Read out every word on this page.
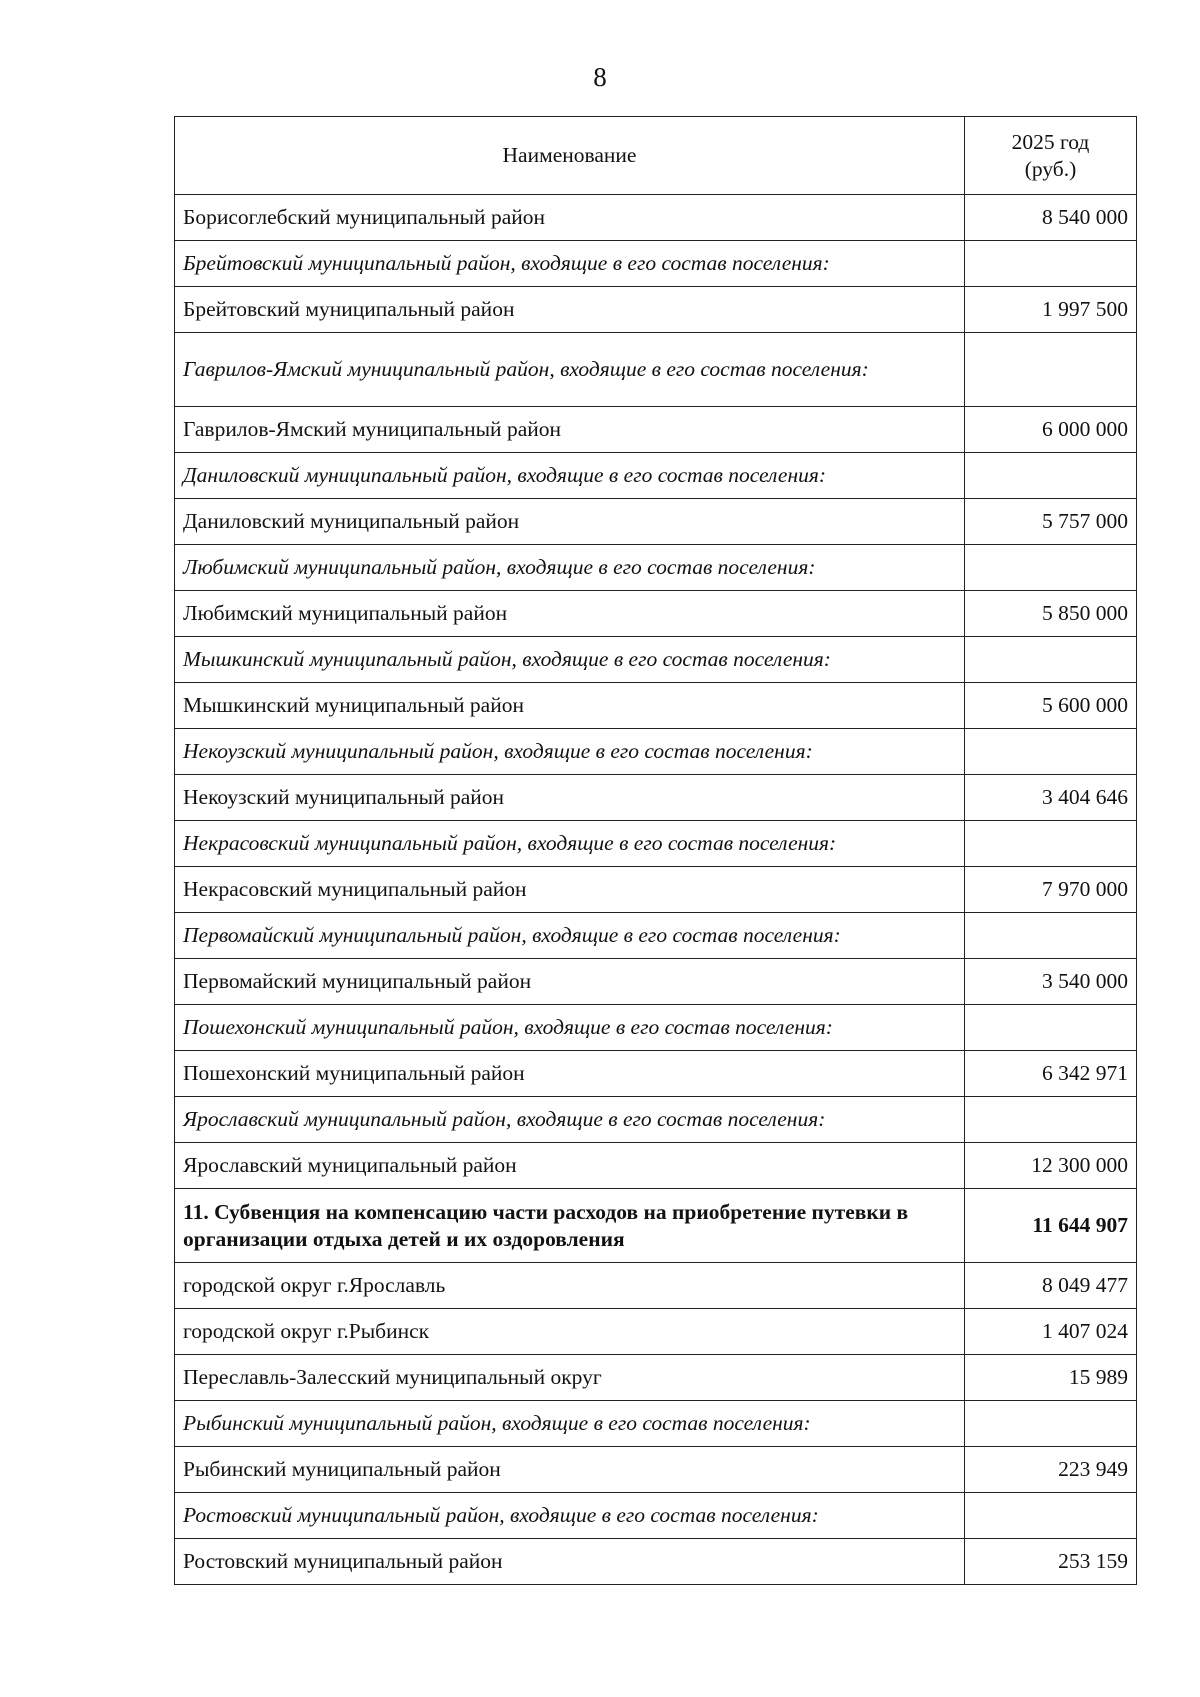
8
Наименование	2025 год
(руб.)

Борисоглебский муниципальный район	8 540 000
Брейтовский муниципальный район, входящие в его состав поселения:	
Брейтовский муниципальный район	1 997 500
Гаврилов-Ямский муниципальный район, входящие в его состав поселения:	
Гаврилов-Ямский муниципальный район	6 000 000
Даниловский муниципальный район, входящие в его состав поселения:	
Даниловский муниципальный район	5 757 000
Любимский муниципальный район, входящие в его состав поселения:	
Любимский муниципальный район	5 850 000
Мышкинский муниципальный район, входящие в его состав поселения:	
Мышкинский муниципальный район	5 600 000
Некоузский муниципальный район, входящие в его состав поселения:	
Некоузский муниципальный район	3 404 646
Некрасовский муниципальный район, входящие в его состав поселения:	
Некрасовский муниципальный район	7 970 000
Первомайский муниципальный район, входящие в его состав поселения:	
Первомайский муниципальный район	3 540 000
Пошехонский муниципальный район, входящие в его состав поселения:	
Пошехонский муниципальный район	6 342 971
Ярославский муниципальный район, входящие в его состав поселения:	
Ярославский муниципальный район	12 300 000
11. Субвенция на компенсацию части расходов на приобретение путевки в организации отдыха детей и их оздоровления	11 644 907
городской округ г.Ярославль	8 049 477
городской округ г.Рыбинск	1 407 024
Переславль-Залесский муниципальный округ	15 989
Рыбинский муниципальный район, входящие в его состав поселения:	
Рыбинский муниципальный район	223 949
Ростовский муниципальный район, входящие в его состав поселения:	
Ростовский муниципальный район	253 159
